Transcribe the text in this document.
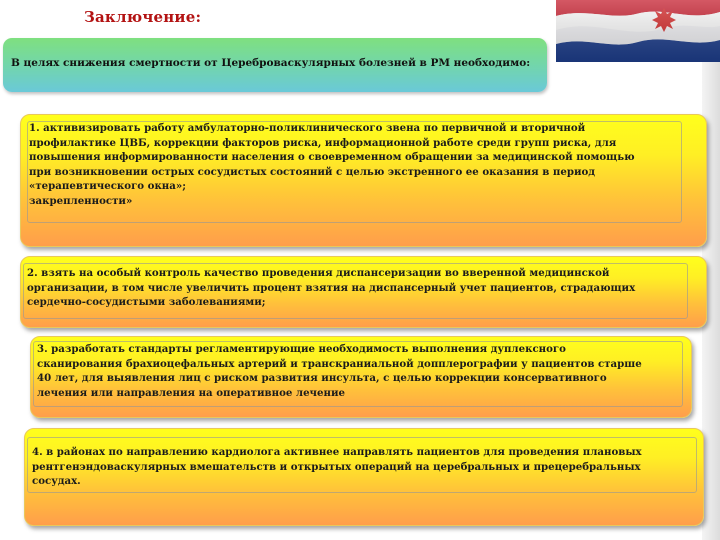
Заключение:
В целях снижения смертности от Цереброваскулярных болезней в РМ необходимо:
1. активизировать работу амбулаторно-поликлинического звена по первичной и вторичной
профилактике ЦВБ, коррекции факторов риска, информационной работе среди групп риска, для
повышения информированности населения о своевременном обращении за медицинской помощью
при возникновении острых сосудистых состояний с целью экстренного ее оказания в период
«терапевтического окна»;
закрепленности»
2. взять на особый контроль качество проведения диспансеризации во вверенной медицинской
организации, в том числе увеличить процент взятия на диспансерный учет пациентов, страдающих
сердечно-сосудистыми заболеваниями;
3. разработать стандарты регламентирующие необходимость выполнения дуплексного
сканирования брахиоцефальных артерий и транскраниальной допплерографии у пациентов старше
40 лет, для выявления лиц с риском развития инсульта, с целью коррекции консервативного
лечения или направления на оперативное лечение
4. в районах по направлению кардиолога активнее направлять пациентов для проведения плановых
рентгенэндоваскулярных вмешательств и открытых операций на церебральных и прецеребральных
сосудах.
